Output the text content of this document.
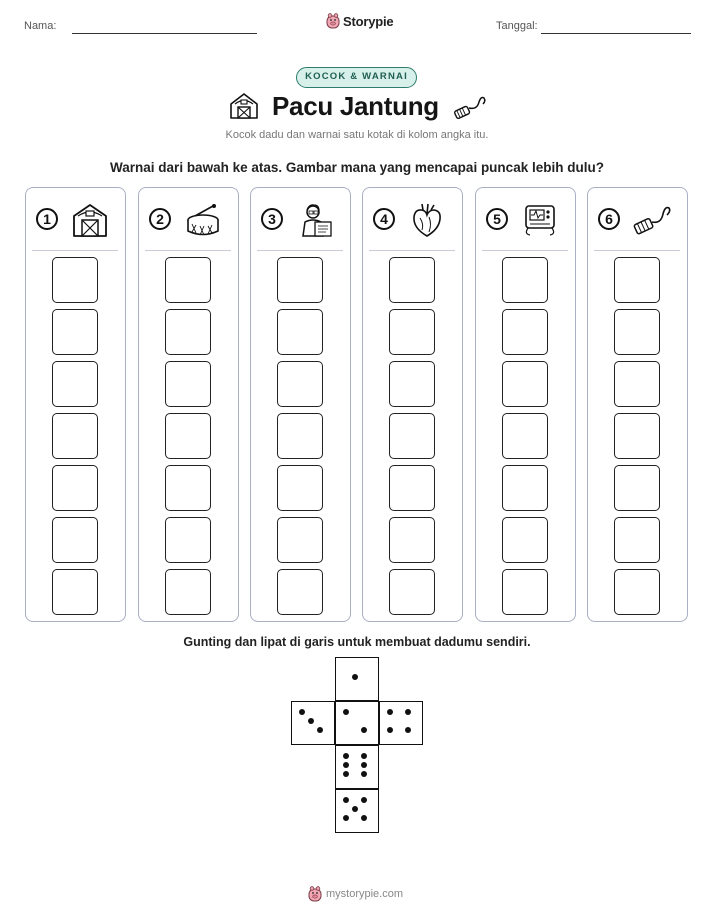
Nama:	Storypie	Tanggal:
KOCOK & WARNAI
Pacu Jantung
Kocok dadu dan warnai satu kotak di kolom angka itu.
Warnai dari bawah ke atas. Gambar mana yang mencapai puncak lebih dulu?
1	2	3	4	5	6
Gunting dan lipat di garis untuk membuat dadumu sendiri.
mystorypie.com
